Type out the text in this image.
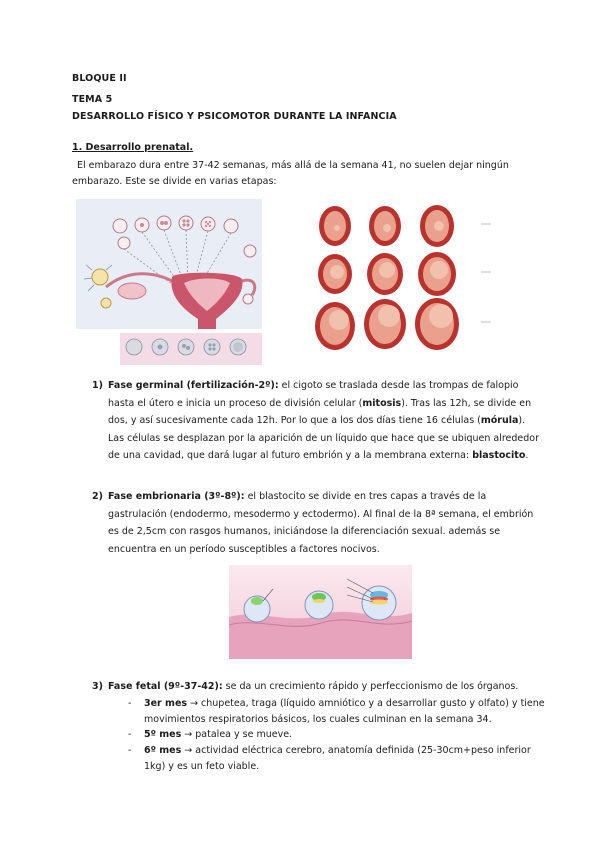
BLOQUE II
TEMA 5
DESARROLLO FÍSICO Y PSICOMOTOR DURANTE LA INFANCIA
1. Desarrollo prenatal.
El embarazo dura entre 37-42 semanas, más allá de la semana 41, no suelen dejar ningún embarazo. Este se divide en varias etapas:
1) Fase germinal (fertilización-2º): el cigoto se traslada desde las trompas de falopio hasta el útero e inicia un proceso de división celular (mitosis). Tras las 12h, se divide en dos, y así sucesivamente cada 12h. Por lo que a los dos días tiene 16 células (mórula). Las células se desplazan por la aparición de un líquido que hace que se ubiquen alrededor de una cavidad, que dará lugar al futuro embrión y a la membrana externa: blastocito.
2) Fase embrionaria (3º-8º): el blastocito se divide en tres capas a través de la gastrulación (endodermo, mesodermo y ectodermo). Al final de la 8ª semana, el embrión es de 2,5cm con rasgos humanos, iniciándose la diferenciación sexual. además se encuentra en un período susceptibles a factores nocivos.
3) Fase fetal (9º-37-42): se da un crecimiento rápido y perfeccionismo de los órganos.
- 3er mes → chupetea, traga (líquido amniótico y a desarrollar gusto y olfato) y tiene movimientos respiratorios básicos, los cuales culminan en la semana 34.
- 5º mes → patalea y se mueve.
- 6º mes → actividad eléctrica cerebro, anatomía definida (25-30cm+peso inferior 1kg) y es un feto viable.
